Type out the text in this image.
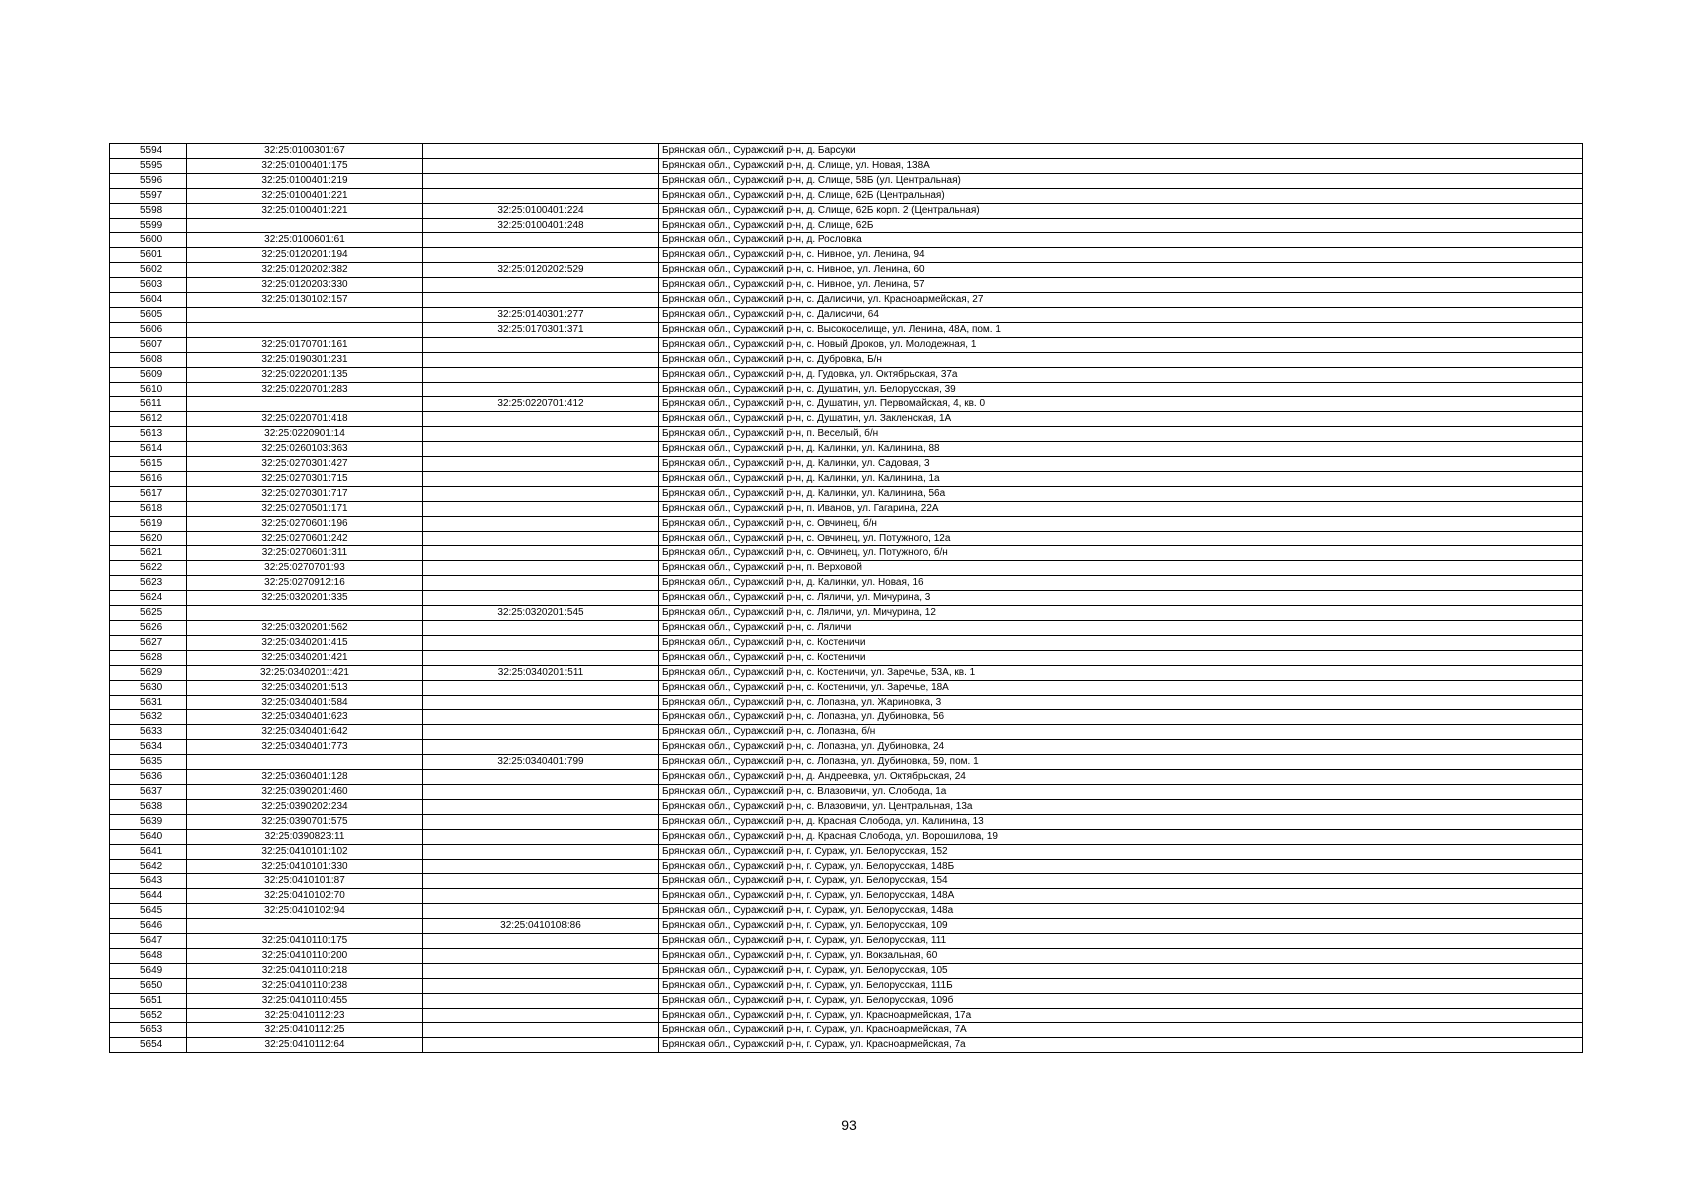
5594	32:25:0100301:67		Брянская обл., Суражский р-н, д. Барсуки
5595	32:25:0100401:175		Брянская обл., Суражский р-н, д. Слище, ул. Новая, 138А
5596	32:25:0100401:219		Брянская обл., Суражский р-н, д. Слище, 58Б (ул. Центральная)
5597	32:25:0100401:221		Брянская обл., Суражский р-н, д. Слище, 62Б (Центральная)
5598	32:25:0100401:221	32:25:0100401:224	Брянская обл., Суражский р-н, д. Слище, 62Б корп. 2 (Центральная)
5599		32:25:0100401:248	Брянская обл., Суражский р-н, д. Слище, 62Б
5600	32:25:0100601:61		Брянская обл., Суражский р-н, д. Рословка
5601	32:25:0120201:194		Брянская обл., Суражский р-н, с. Нивное, ул. Ленина, 94
5602	32:25:0120202:382	32:25:0120202:529	Брянская обл., Суражский р-н, с. Нивное, ул. Ленина, 60
5603	32:25:0120203:330		Брянская обл., Суражский р-н, с. Нивное, ул. Ленина, 57
5604	32:25:0130102:157		Брянская обл., Суражский р-н, с. Далисичи, ул. Красноармейская, 27
5605		32:25:0140301:277	Брянская обл., Суражский р-н, с. Далисичи, 64
5606		32:25:0170301:371	Брянская обл., Суражский р-н, с. Высокоселище, ул. Ленина, 48А, пом. 1
5607	32:25:0170701:161		Брянская обл., Суражский р-н, с. Новый Дроков, ул. Молодежная, 1
5608	32:25:0190301:231		Брянская обл., Суражский р-н, с. Дубровка, Б/н
5609	32:25:0220201:135		Брянская обл., Суражский р-н, д. Гудовка, ул. Октябрьская, 37а
5610	32:25:0220701:283		Брянская обл., Суражский р-н, с. Душатин, ул. Белорусская, 39
5611		32:25:0220701:412	Брянская обл., Суражский р-н, с. Душатин, ул. Первомайская, 4, кв. 0
5612	32:25:0220701:418		Брянская обл., Суражский р-н, с. Душатин, ул. Закленская, 1А
5613	32:25:0220901:14		Брянская обл., Суражский р-н, п. Веселый, б/н
5614	32:25:0260103:363		Брянская обл., Суражский р-н, д. Калинки, ул. Калинина, 88
5615	32:25:0270301:427		Брянская обл., Суражский р-н, д. Калинки, ул. Садовая, 3
5616	32:25:0270301:715		Брянская обл., Суражский р-н, д. Калинки, ул. Калинина, 1а
5617	32:25:0270301:717		Брянская обл., Суражский р-н, д. Калинки, ул. Калинина, 56а
5618	32:25:0270501:171		Брянская обл., Суражский р-н, п. Иванов, ул. Гагарина, 22А
5619	32:25:0270601:196		Брянская обл., Суражский р-н, с. Овчинец, б/н
5620	32:25:0270601:242		Брянская обл., Суражский р-н, с. Овчинец, ул. Потужного, 12а
5621	32:25:0270601:311		Брянская обл., Суражский р-н, с. Овчинец, ул. Потужного, б/н
5622	32:25:0270701:93		Брянская обл., Суражский р-н, п. Верховой
5623	32:25:0270912:16		Брянская обл., Суражский р-н, д. Калинки, ул. Новая, 16
5624	32:25:0320201:335		Брянская обл., Суражский р-н, с. Ляличи, ул. Мичурина, 3
5625		32:25:0320201:545	Брянская обл., Суражский р-н, с. Ляличи, ул. Мичурина, 12
5626	32:25:0320201:562		Брянская обл., Суражский р-н, с. Ляличи
5627	32:25:0340201:415		Брянская обл., Суражский р-н, с. Костеничи
5628	32:25:0340201:421		Брянская обл., Суражский р-н, с. Костеничи
5629	32:25:0340201::421	32:25:0340201:511	Брянская обл., Суражский р-н, с. Костеничи, ул. Заречье, 53А, кв. 1
5630	32:25:0340201:513		Брянская обл., Суражский р-н, с. Костеничи, ул. Заречье, 18А
5631	32:25:0340401:584		Брянская обл., Суражский р-н, с. Лопазна, ул. Жариновка, 3
5632	32:25:0340401:623		Брянская обл., Суражский р-н, с. Лопазна, ул. Дубиновка, 56
5633	32:25:0340401:642		Брянская обл., Суражский р-н, с. Лопазна, б/н
5634	32:25:0340401:773		Брянская обл., Суражский р-н, с. Лопазна, ул. Дубиновка, 24
5635		32:25:0340401:799	Брянская обл., Суражский р-н, с. Лопазна, ул. Дубиновка, 59, пом. 1
5636	32:25:0360401:128		Брянская обл., Суражский р-н, д. Андреевка, ул. Октябрьская, 24
5637	32:25:0390201:460		Брянская обл., Суражский р-н, с. Влазовичи, ул. Слобода, 1а
5638	32:25:0390202:234		Брянская обл., Суражский р-н, с. Влазовичи, ул. Центральная, 13а
5639	32:25:0390701:575		Брянская обл., Суражский р-н, д. Красная Слобода, ул. Калинина, 13
5640	32:25:0390823:11		Брянская обл., Суражский р-н, д. Красная Слобода, ул. Ворошилова, 19
5641	32:25:0410101:102		Брянская обл., Суражский р-н, г. Сураж, ул. Белорусская, 152
5642	32:25:0410101:330		Брянская обл., Суражский р-н, г. Сураж, ул. Белорусская, 148Б
5643	32:25:0410101:87		Брянская обл., Суражский р-н, г. Сураж, ул. Белорусская, 154
5644	32:25:0410102:70		Брянская обл., Суражский р-н, г. Сураж, ул. Белорусская, 148А
5645	32:25:0410102:94		Брянская обл., Суражский р-н, г. Сураж, ул. Белорусская, 148а
5646		32:25:0410108:86	Брянская обл., Суражский р-н, г. Сураж, ул. Белорусская, 109
5647	32:25:0410110:175		Брянская обл., Суражский р-н, г. Сураж, ул. Белорусская, 111
5648	32:25:0410110:200		Брянская обл., Суражский р-н, г. Сураж, ул. Вокзальная, 60
5649	32:25:0410110:218		Брянская обл., Суражский р-н, г. Сураж, ул. Белорусская, 105
5650	32:25:0410110:238		Брянская обл., Суражский р-н, г. Сураж, ул. Белорусская, 111Б
5651	32:25:0410110:455		Брянская обл., Суражский р-н, г. Сураж, ул. Белорусская, 109б
5652	32:25:0410112:23		Брянская обл., Суражский р-н, г. Сураж, ул. Красноармейская, 17а
5653	32:25:0410112:25		Брянская обл., Суражский р-н, г. Сураж, ул. Красноармейская, 7А
5654	32:25:0410112:64		Брянская обл., Суражский р-н, г. Сураж, ул. Красноармейская, 7а
93
